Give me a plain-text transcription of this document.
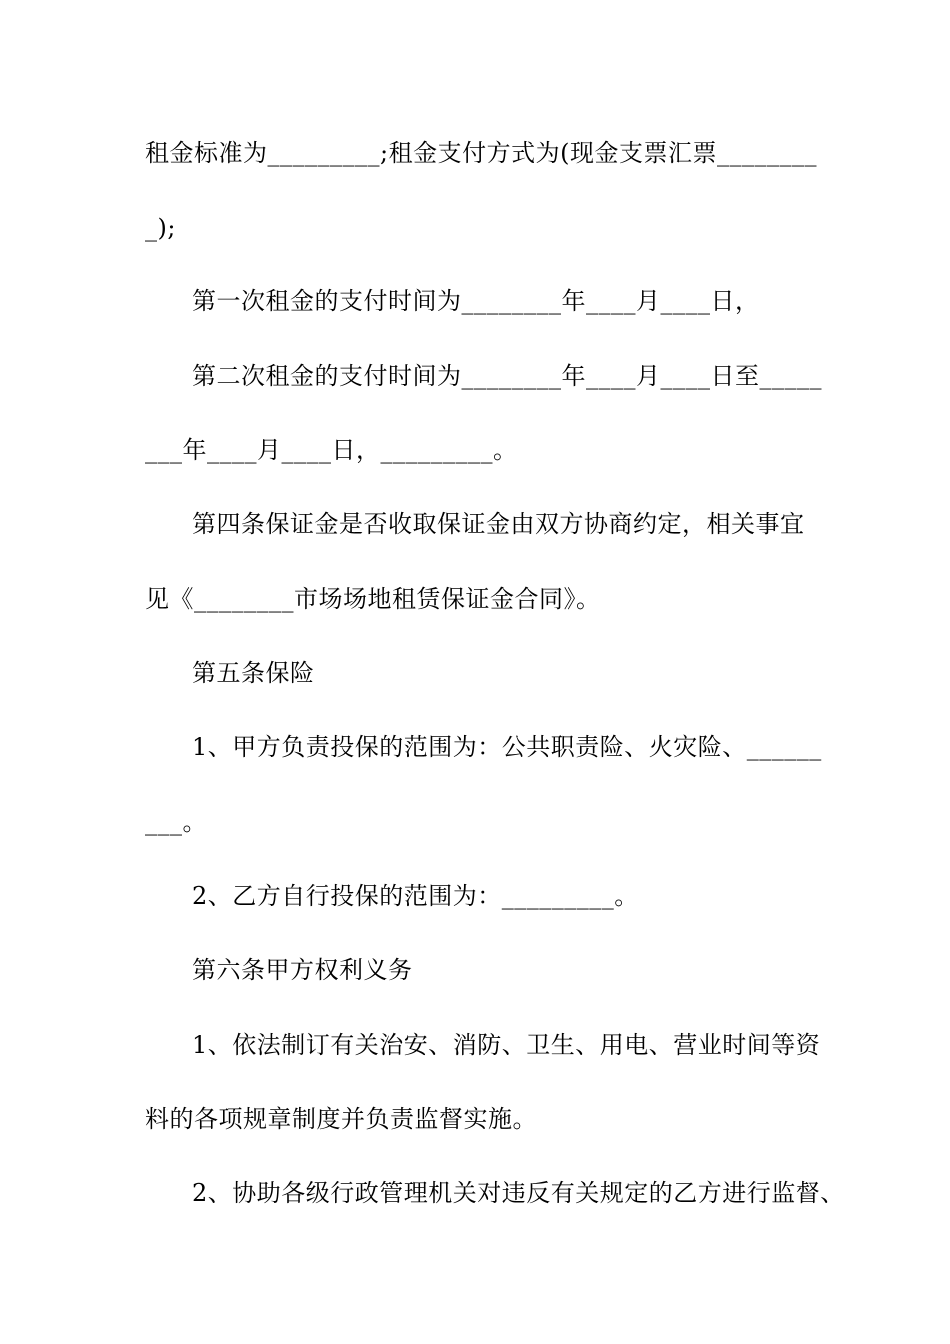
租金标准为_________;租金支付方式为(现金支票汇票________
_);
第一次租金的支付时间为________年____月____日，
第二次租金的支付时间为________年____月____日至_____
___年____月____日，_________。
第四条保证金是否收取保证金由双方协商约定，相关事宜
见《________市场场地租赁保证金合同》。
第五条保险
1、甲方负责投保的范围为：公共职责险、火灾险、______
___。
2、乙方自行投保的范围为：_________。
第六条甲方权利义务
1、依法制订有关治安、消防、卫生、用电、营业时间等资
料的各项规章制度并负责监督实施。
2、协助各级行政管理机关对违反有关规定的乙方进行监督、
